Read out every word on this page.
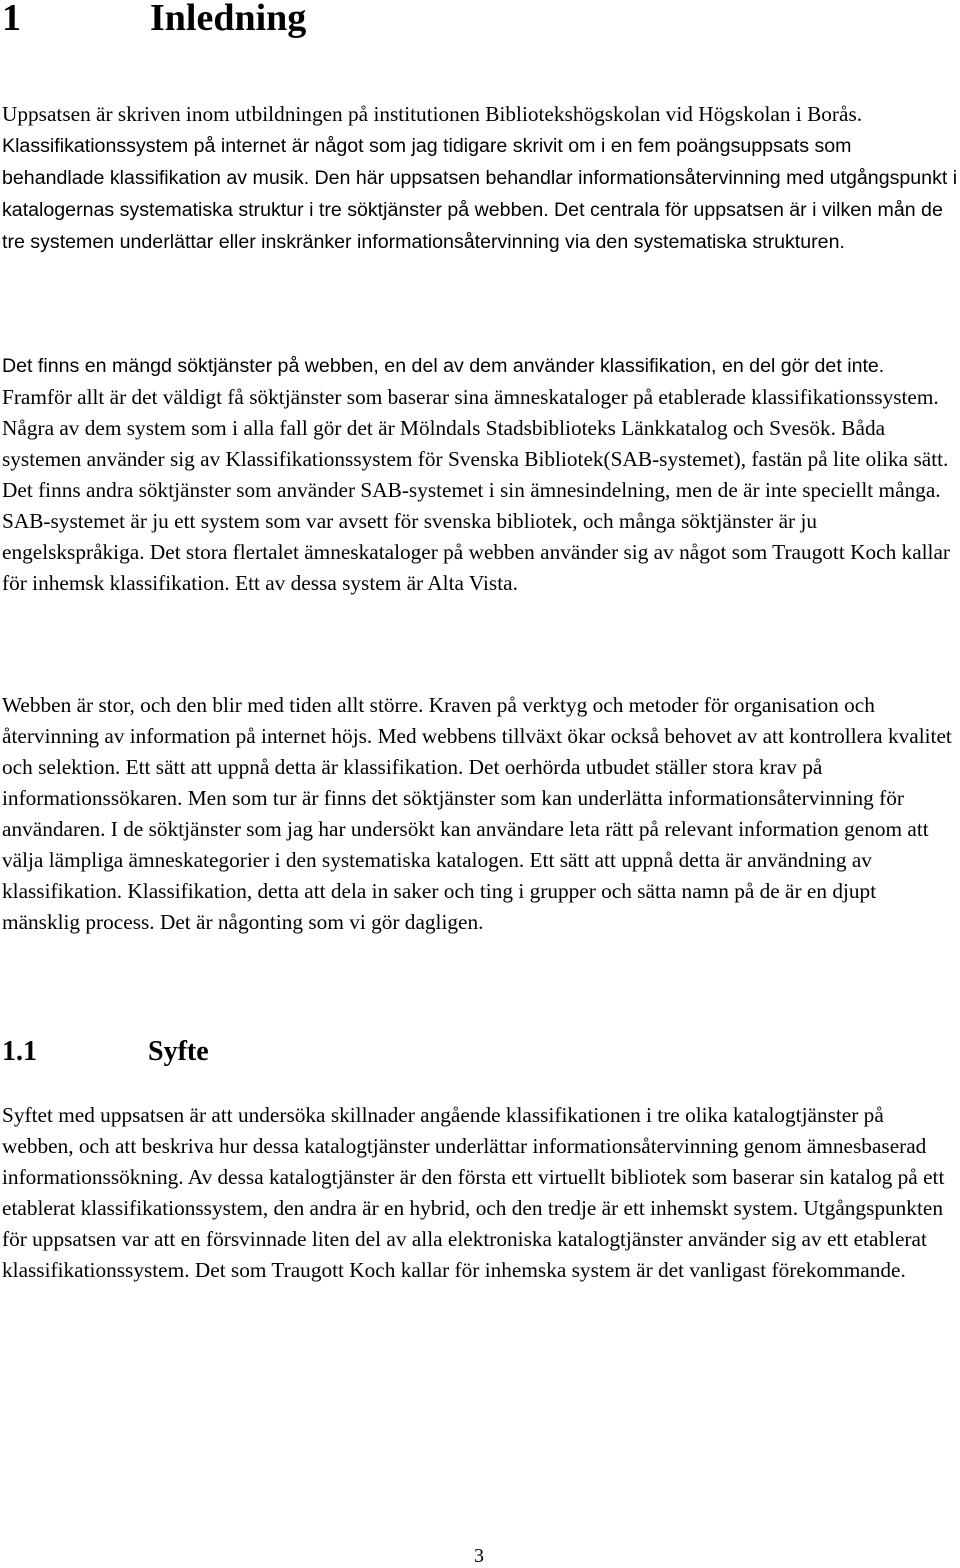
1	Inledning

Uppsatsen är skriven inom utbildningen på institutionen Bibliotekshögskolan vid Högskolan i Borås. Klassifikationssystem på internet är något som jag tidigare skrivit om i en fem poängsuppsats som behandlade klassifikation av musik. Den här uppsatsen behandlar informationsåtervinning med utgångspunkt i katalogernas systematiska struktur i tre söktjänster på webben. Det centrala för uppsatsen är i vilken mån de tre systemen underlättar eller inskränker informationsåtervinning via den systematiska strukturen.

Det finns en mängd söktjänster på webben, en del av dem använder klassifikation, en del gör det inte. Framför allt är det väldigt få söktjänster som baserar sina ämneskataloger på etablerade klassifikationssystem. Några av dem system som i alla fall gör det är Mölndals Stadsbiblioteks Länkkatalog och Svesök. Båda systemen använder sig av Klassifikationssystem för Svenska Bibliotek(SAB-systemet), fastän på lite olika sätt. Det finns andra söktjänster som använder SAB-systemet i sin ämnesindelning, men de är inte speciellt många. SAB-systemet är ju ett system som var avsett för svenska bibliotek, och många söktjänster är ju engelskspråkiga. Det stora flertalet ämneskataloger på webben använder sig av något som Traugott Koch kallar för inhemsk klassifikation. Ett av dessa system är Alta Vista.

Webben är stor, och den blir med tiden allt större. Kraven på verktyg och metoder för organisation och återvinning av information på internet höjs. Med webbens tillväxt ökar också behovet av att kontrollera kvalitet och selektion. Ett sätt att uppnå detta är klassifikation. Det oerhörda utbudet ställer stora krav på informationssökaren. Men som tur är finns det söktjänster som kan underlätta informationsåtervinning för användaren. I de söktjänster som jag har undersökt kan användare leta rätt på relevant information genom att välja lämpliga ämneskategorier i den systematiska katalogen. Ett sätt att uppnå detta är användning av klassifikation. Klassifikation, detta att dela in saker och ting i grupper och sätta namn på de är en djupt mänsklig process. Det är någonting som vi gör dagligen.

1.1	Syfte

Syftet med uppsatsen är att undersöka skillnader angående klassifikationen i tre olika katalogtjänster på webben, och att beskriva hur dessa katalogtjänster underlättar informationsåtervinning genom ämnesbaserad informationssökning. Av dessa katalogtjänster är den första ett virtuellt bibliotek som baserar sin katalog på ett etablerat klassifikationssystem, den andra är en hybrid, och den tredje är ett inhemskt system. Utgångspunkten för uppsatsen var att en försvinnade liten del av alla elektroniska katalogtjänster använder sig av ett etablerat klassifikationssystem. Det som Traugott Koch kallar för inhemska system är det vanligast förekommande.

3
